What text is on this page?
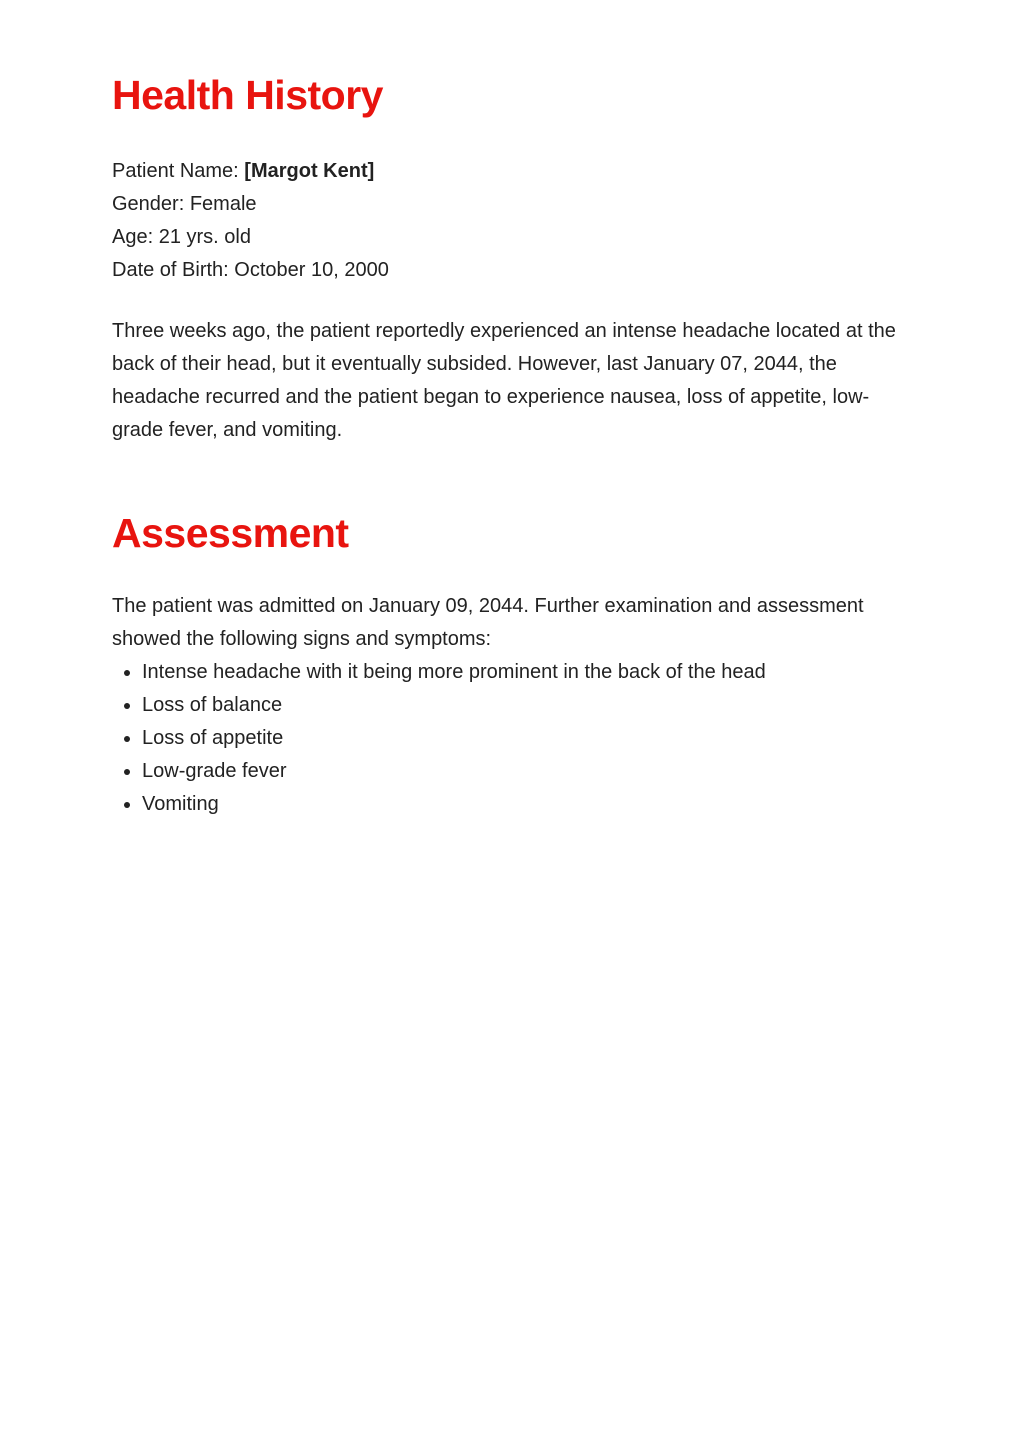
Health History

Patient Name: [Margot Kent]

Gender: Female

Age: 21 yrs. old

Date of Birth: October 10, 2000

Three weeks ago, the patient reportedly experienced an intense headache located at the back of their head, but it eventually subsided. However, last January 07, 2044, the headache recurred and the patient began to experience nausea, loss of appetite, low-grade fever, and vomiting.

Assessment

The patient was admitted on January 09, 2044. Further examination and assessment showed the following signs and symptoms:

• Intense headache with it being more prominent in the back of the head
• Loss of balance
• Loss of appetite
• Low-grade fever
• Vomiting
